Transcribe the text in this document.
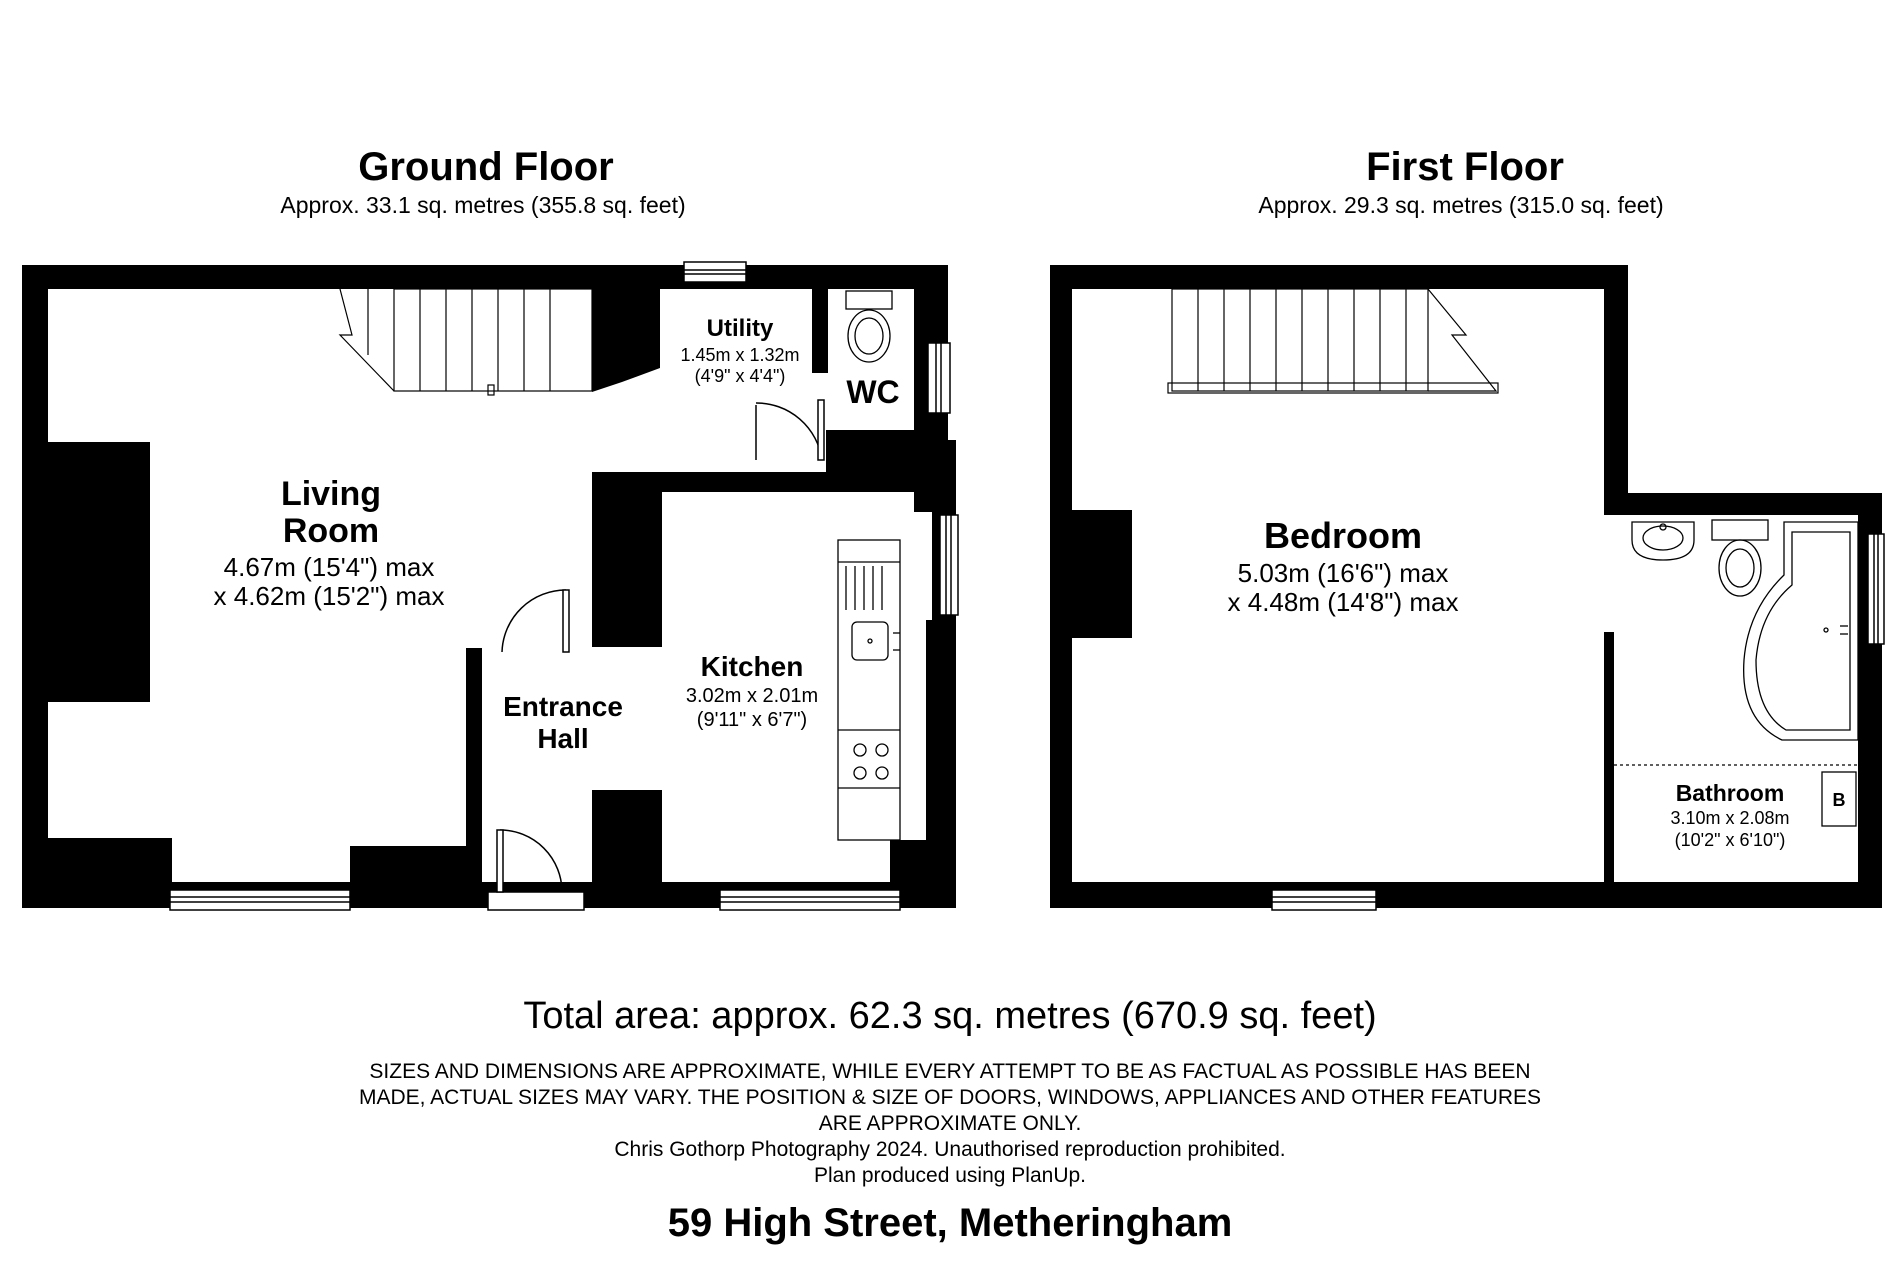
Ground Floor
Approx. 33.1 sq. metres (355.8 sq. feet)
FP
Living
Room
4.67m (15'4") max
x 4.62m (15'2") max
Utility
1.45m x 1.32m
(4'9" x 4'4") WC
Entrance
Hall
Kitchen
3.02m x 2.01m
(9'11" x 6'7")
First Floor
Approx. 29.3 sq. metres (315.0 sq. feet)
Bedroom
5.03m (16'6") max
x 4.48m (14'8") max
Bathroom
3.10m x 2.08m
(10'2" x 6'10")
B
Total area: approx. 62.3 sq. metres (670.9 sq. feet)
SIZES AND DIMENSIONS ARE APPROXIMATE, WHILE EVERY ATTEMPT TO BE AS FACTUAL AS POSSIBLE HAS BEEN
MADE, ACTUAL SIZES MAY VARY. THE POSITION & SIZE OF DOORS, WINDOWS, APPLIANCES AND OTHER FEATURES
ARE APPROXIMATE ONLY.
Chris Gothorp Photography 2024. Unauthorised reproduction prohibited.
Plan produced using PlanUp.
59 High Street, Metheringham
